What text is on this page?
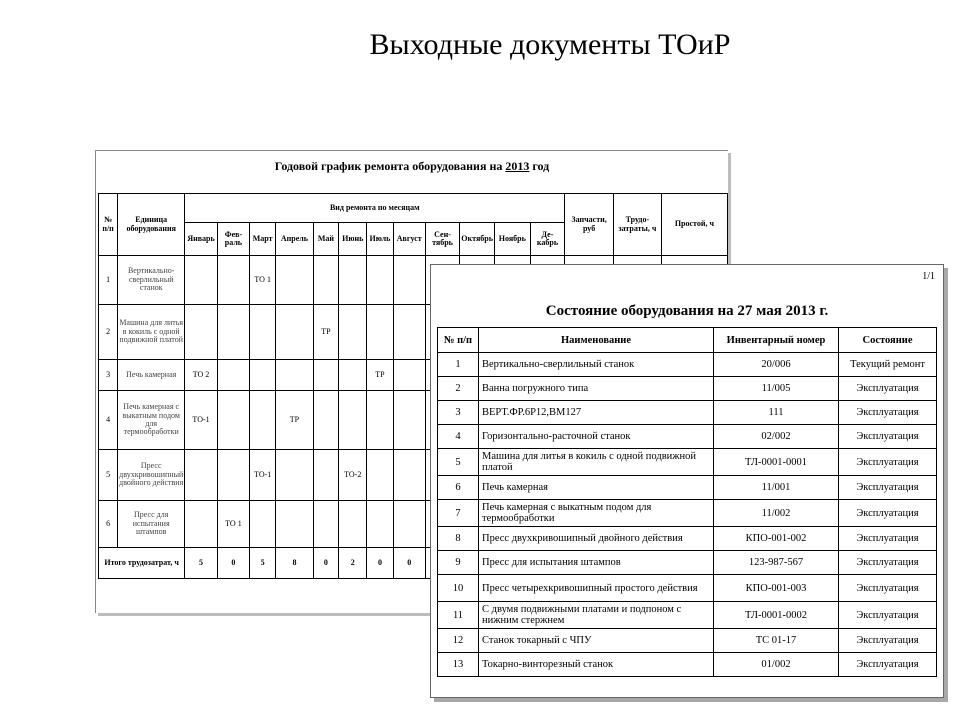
Выходные документы ТОиР
Годовой график ремонта оборудования на 2013 год
№ п/п	Единица оборудования	Вид ремонта по месяцам												Запчасти, руб	Трудо-затраты, ч	Простой, ч
		Январь	Фев-раль	Март	Апрель	Май	Июнь	Июль	Август	Сен-тябрь	Октябрь	Ноябрь	Де-кабрь			
1	Вертикально-сверлильный станок			ТО 1												
2	Машина для литья в кокиль с одной подвижной платой					ТР										
3	Печь камерная	ТО 2						ТР								
4	Печь камерная с выкатным подом для термообработки	ТО-1			ТР											
5	Пресс двухкривошипный двойного действия			ТО-1			ТО-2									
6	Пресс для испытания штампов		ТО 1													
Итого трудозатрат, ч		5	0	5	8	0	2	0	0							
1/1
Состояние оборудования на 27 мая 2013 г.
№ п/п	Наименование	Инвентарный номер	Состояние
1	Вертикально-сверлильный станок	20/006	Текущий ремонт
2	Ванна погружного типа	11/005	Эксплуатация
3	ВЕРТ.ФР.6Р12,ВМ127	111	Эксплуатация
4	Горизонтально-расточной станок	02/002	Эксплуатация
5	Машина для литья в кокиль с одной подвижной платой	ТЛ-0001-0001	Эксплуатация
6	Печь камерная	11/001	Эксплуатация
7	Печь камерная с выкатным подом для термообработки	11/002	Эксплуатация
8	Пресс двухкривошипный двойного действия	КПО-001-002	Эксплуатация
9	Пресс для испытания штампов	123-987-567	Эксплуатация
10	Пресс четырехкривошипный простого действия	КПО-001-003	Эксплуатация
11	С двумя подвижными платами и подпоном с нижним стержнем	ТЛ-0001-0002	Эксплуатация
12	Станок токарный с ЧПУ	ТС 01-17	Эксплуатация
13	Токарно-винторезный станок	01/002	Эксплуатация
